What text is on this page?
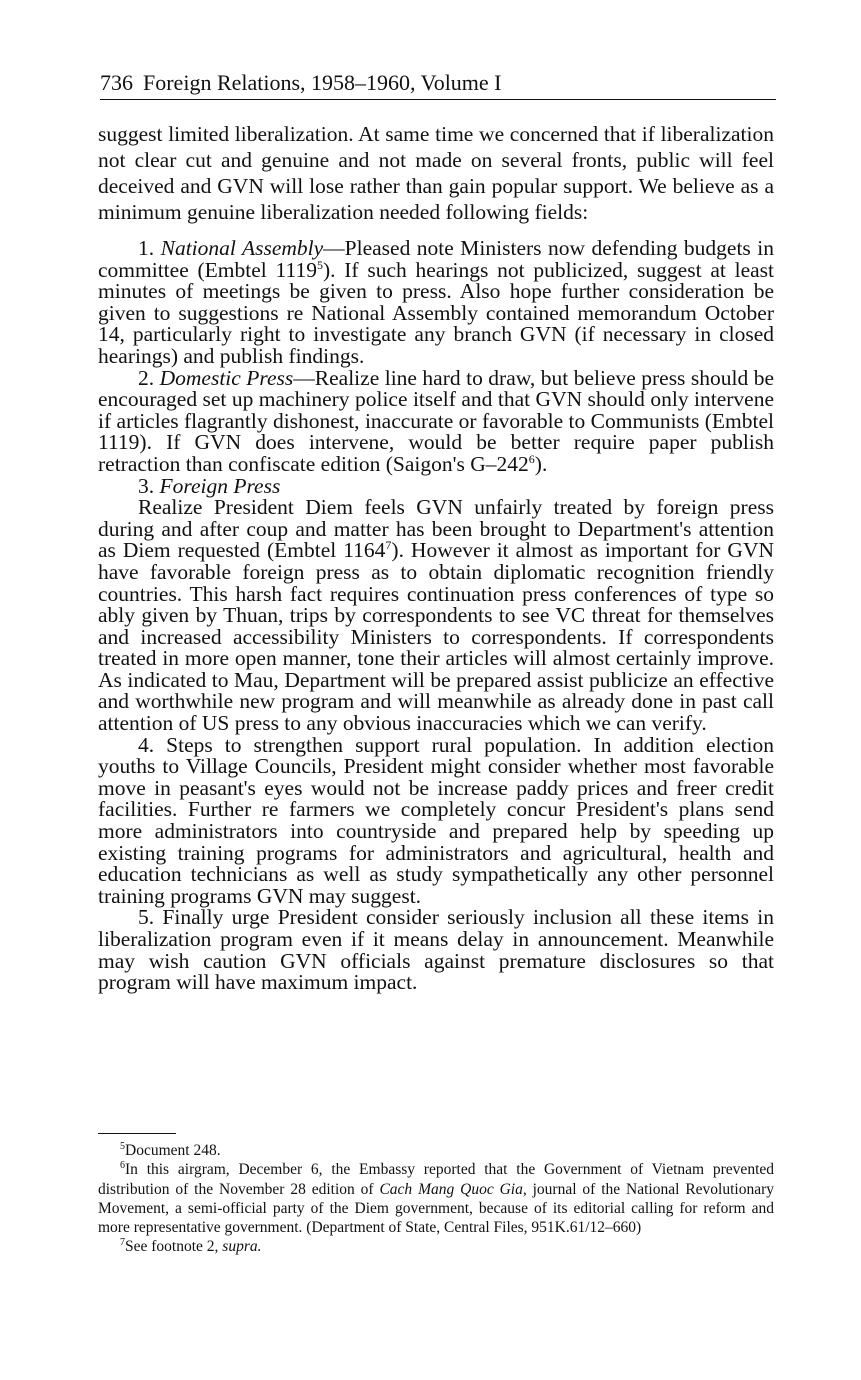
736 Foreign Relations, 1958–1960, Volume I

suggest limited liberalization. At same time we concerned that if liberalization not clear cut and genuine and not made on several fronts, public will feel deceived and GVN will lose rather than gain popular support. We believe as a minimum genuine liberalization needed following fields:

1. National Assembly—Pleased note Ministers now defending budgets in committee (Embtel 1119$^5$). If such hearings not publicized, suggest at least minutes of meetings be given to press. Also hope further consideration be given to suggestions re National Assembly contained memorandum October 14, particularly right to investigate any branch GVN (if necessary in closed hearings) and publish findings.

2. Domestic Press—Realize line hard to draw, but believe press should be encouraged set up machinery police itself and that GVN should only intervene if articles flagrantly dishonest, inaccurate or favorable to Communists (Embtel 1119). If GVN does intervene, would be better require paper publish retraction than confiscate edition (Saigon's $G-242^6$).

3. Foreign Press

Realize President Diem feels GVN unfairly treated by foreign press during and after coup and matter has been brought to Department's attention as Diem requested (Embtel 1164$^7$). However it almost as important for GVN have favorable foreign press as to obtain diplomatic recognition friendly countries. This harsh fact requires continuation press conferences of type so ably given by Thuan, trips by correspondents to see VC threat for themselves and increased accessibility Ministers to correspondents. If correspondents treated in more open manner, tone their articles will almost certainly improve. As indicated to Mau, Department will be prepared assist publicize an effective and worthwhile new program and will meanwhile as already done in past call attention of US press to any obvious inaccuracies which we can verify.

4. Steps to strengthen support rural population. In addition election youths to Village Councils, President might consider whether most favorable move in peasant's eyes would not be increase paddy prices and freer credit facilities. Further re farmers we completely concur President's plans send more administrators into countryside and prepared help by speeding up existing training programs for administrators and agricultural, health and education technicians as well as study sympathetically any other personnel training programs GVN may suggest.

5. Finally urge President consider seriously inclusion all these items in liberalization program even if it means delay in announcement. Meanwhile may wish caution GVN officials against premature disclosures so that program will have maximum impact.

$^5$Document 248.

$^6$In this airgram, December 6, the Embassy reported that the Government of Vietnam prevented distribution of the November 28 edition of Cach Mang Quoc Gia, journal of the National Revolutionary Movement, a semi-official party of the Diem government, because of its editorial calling for reform and more representative government. (Department of State, Central Files, 951K.61/12–660)

$^7$See footnote 2, supra.
